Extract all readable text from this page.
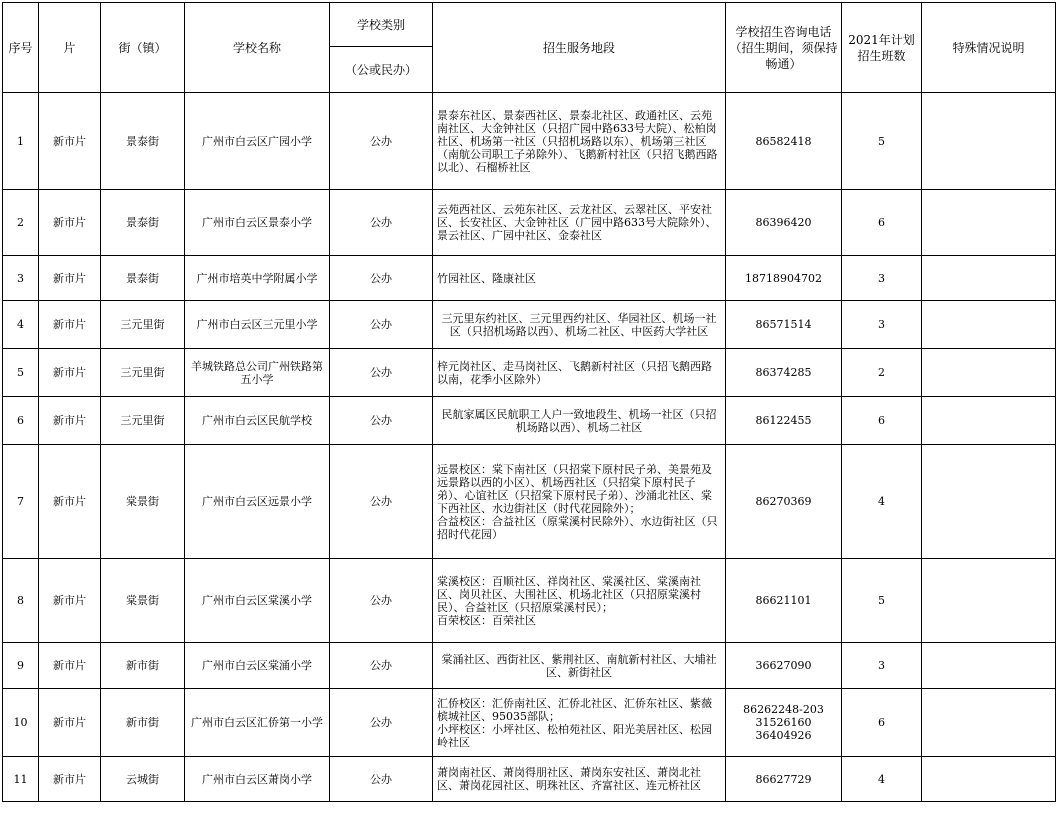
序号	片	街（镇）	学校名称	学校类别	招生服务地段	学校招生咨询电话（招生期间，须保持畅通）	2021年计划招生班数	特殊情况说明
				（公或民办）				
1	新市片	景泰街	广州市白云区广园小学	公办	景泰东社区、景泰西社区、景泰北社区、政通社区、云苑南社区、大金钟社区（只招广园中路633号大院）、松柏岗社区、机场第一社区（只招机场路以东）、机场第三社区（南航公司职工子弟除外）、飞鹅新村社区（只招飞鹅西路以北）、石榴桥社区	86582418	5	
2	新市片	景泰街	广州市白云区景泰小学	公办	云苑西社区、云苑东社区、云龙社区、云翠社区、平安社区、长安社区、大金钟社区（广园中路633号大院除外）、景云社区、广园中社区、金泰社区	86396420	6	
3	新市片	景泰街	广州市培英中学附属小学	公办	竹园社区、隆康社区	18718904702	3	
4	新市片	三元里街	广州市白云区三元里小学	公办	三元里东约社区、三元里西约社区、华园社区、机场一社区（只招机场路以西）、机场二社区、中医药大学社区	86571514	3	
5	新市片	三元里街	羊城铁路总公司广州铁路第五小学	公办	梓元岗社区、走马岗社区、飞鹅新村社区（只招飞鹅西路以南，花季小区除外）	86374285	2	
6	新市片	三元里街	广州市白云区民航学校	公办	民航家属区民航职工人户一致地段生、机场一社区（只招机场路以西）、机场二社区	86122455	6	
7	新市片	棠景街	广州市白云区远景小学	公办	远景校区：棠下南社区（只招棠下原村民子弟、美景苑及远景路以西的小区）、机场西社区（只招棠下原村民子弟）、心谊社区（只招棠下原村民子弟）、沙涌北社区、棠下西社区、水边街社区（时代花园除外）；
合益校区：合益社区（原棠溪村民除外）、水边街社区（只招时代花园）	86270369	4	
8	新市片	棠景街	广州市白云区棠溪小学	公办	棠溪校区：百顺社区、祥岗社区、棠溪社区、棠溪南社区、岗贝社区、大围社区、机场北社区（只招原棠溪村民）、合益社区（只招原棠溪村民）；
百荣校区：百荣社区	86621101	5	
9	新市片	新市街	广州市白云区棠涌小学	公办	棠涌社区、西街社区、紫荆社区、南航新村社区、大埔社区、新街社区	36627090	3	
10	新市片	新市街	广州市白云区汇侨第一小学	公办	汇侨校区：汇侨南社区、汇侨北社区、汇侨东社区、紫薇槟城社区、95035部队；
小坪校区：小坪社区、松柏苑社区、阳光美居社区、松园岭社区	86262248-203
31526160
36404926	6	
11	新市片	云城街	广州市白云区萧岗小学	公办	萧岗南社区、萧岗得朋社区、萧岗东安社区、萧岗北社区、萧岗花园社区、明珠社区、齐富社区、连元桥社区	86627729	4	
